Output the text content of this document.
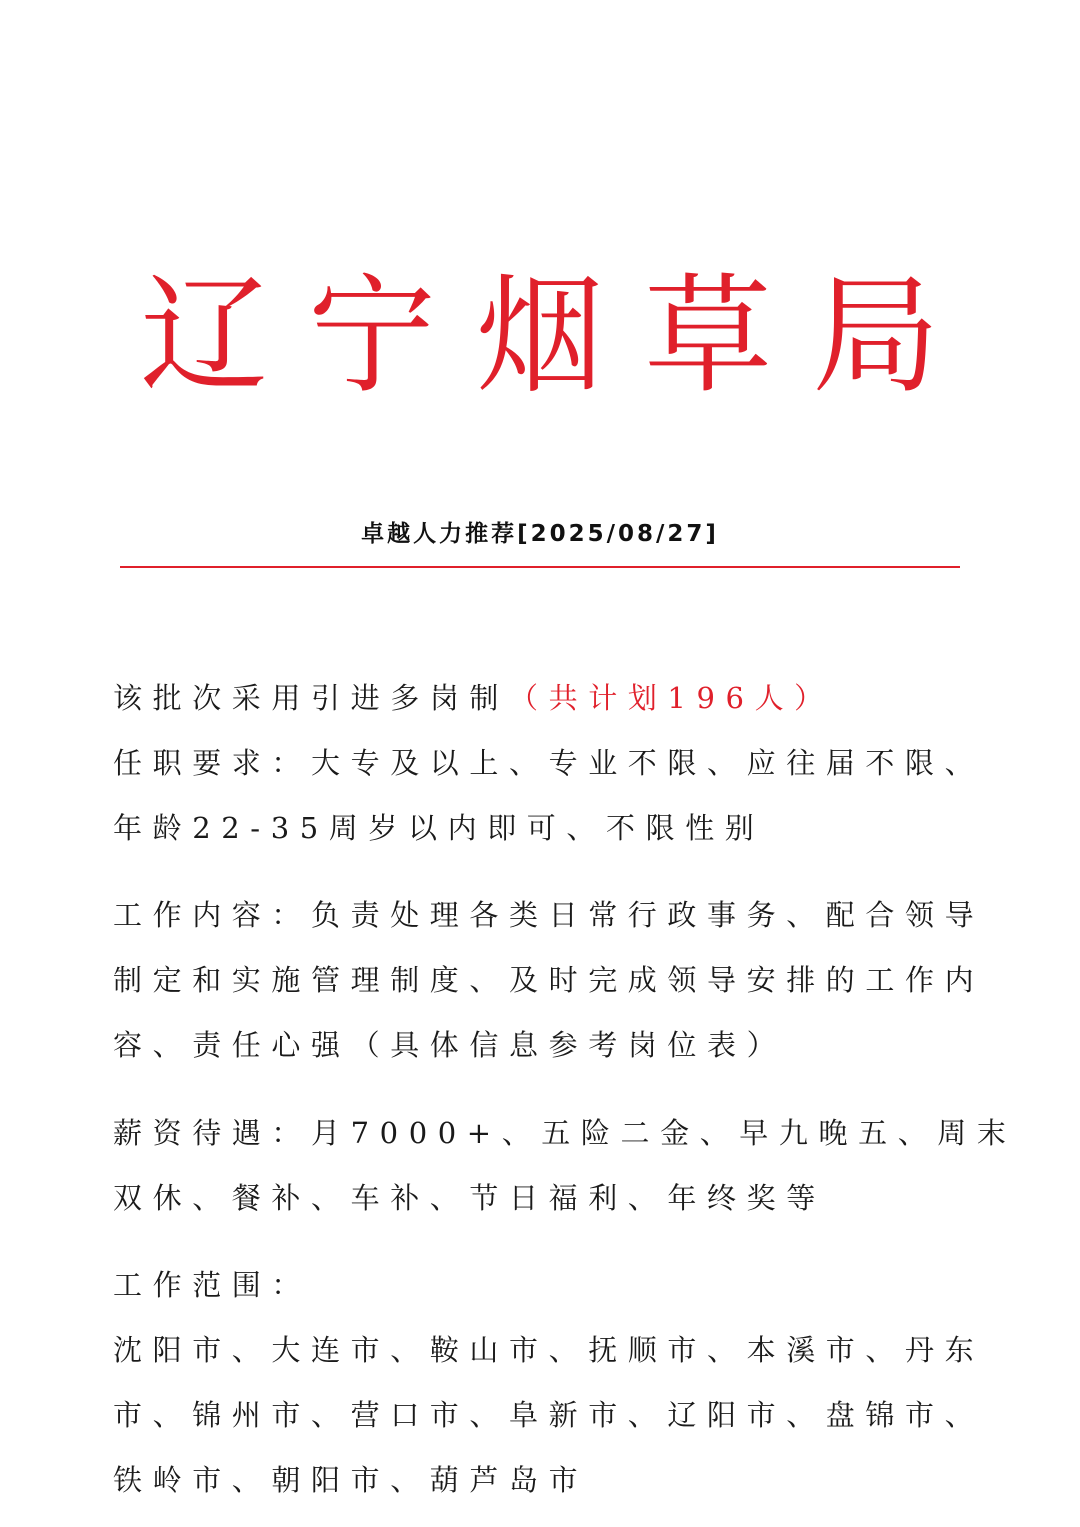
辽宁烟草局
卓越人力推荐[2025/08/27]
该批次采用引进多岗制（共计划196人）
任职要求：大专及以上、专业不限、应往届不限、
年龄22-35周岁以内即可、不限性别
工作内容：负责处理各类日常行政事务、配合领导
制定和实施管理制度、及时完成领导安排的工作内
容、责任心强（具体信息参考岗位表）
薪资待遇：月7000+、五险二金、早九晚五、周末
双休、餐补、车补、节日福利、年终奖等
工作范围：
沈阳市、大连市、鞍山市、抚顺市、本溪市、丹东
市、锦州市、营口市、阜新市、辽阳市、盘锦市、
铁岭市、朝阳市、葫芦岛市
